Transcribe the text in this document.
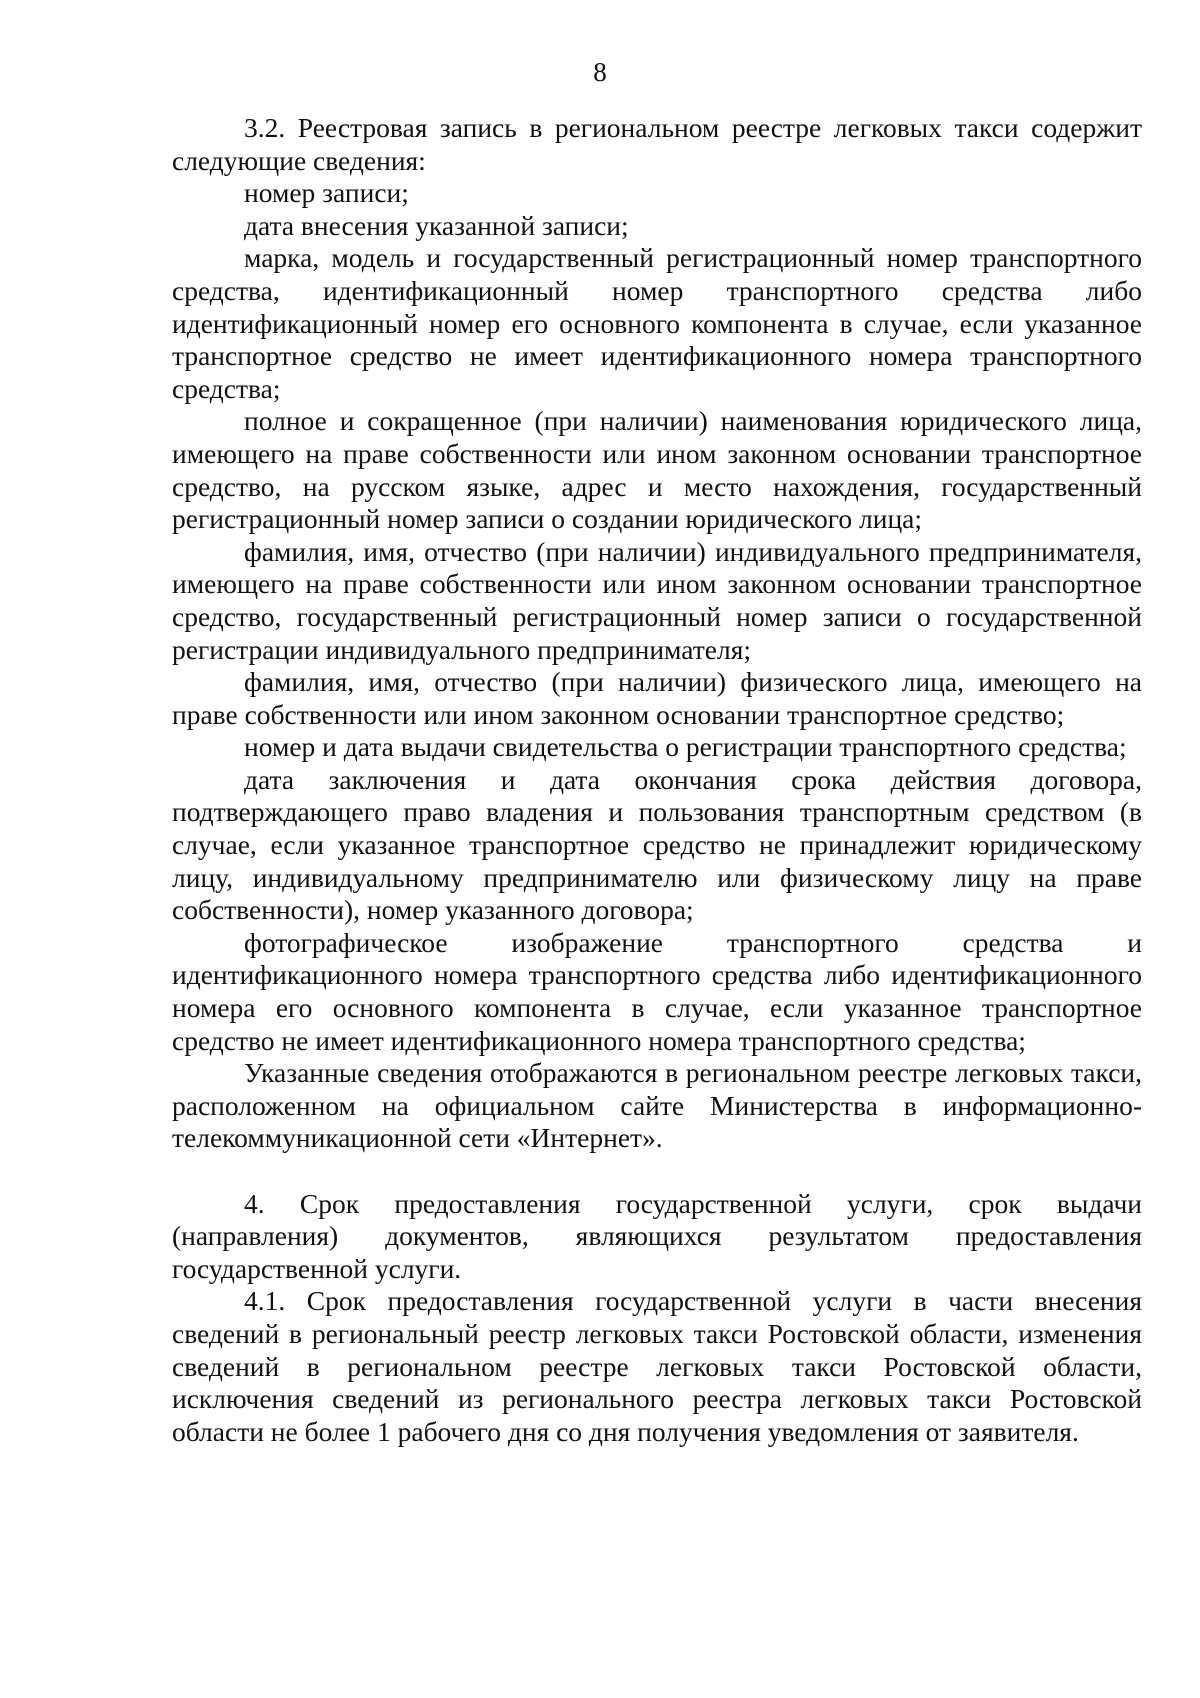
8

3.2. Реестровая запись в региональном реестре легковых такси содержит следующие сведения:

номер записи;

дата внесения указанной записи;

марка, модель и государственный регистрационный номер транспортного средства, идентификационный номер транспортного средства либо идентификационный номер его основного компонента в случае, если указанное транспортное средство не имеет идентификационного номера транспортного средства;

полное и сокращенное (при наличии) наименования юридического лица, имеющего на праве собственности или ином законном основании транспортное средство, на русском языке, адрес и место нахождения, государственный регистрационный номер записи о создании юридического лица;

фамилия, имя, отчество (при наличии) индивидуального предпринимателя, имеющего на праве собственности или ином законном основании транспортное средство, государственный регистрационный номер записи о государственной регистрации индивидуального предпринимателя;

фамилия, имя, отчество (при наличии) физического лица, имеющего на праве собственности или ином законном основании транспортное средство;

номер и дата выдачи свидетельства о регистрации транспортного средства;

дата заключения и дата окончания срока действия договора, подтверждающего право владения и пользования транспортным средством (в случае, если указанное транспортное средство не принадлежит юридическому лицу, индивидуальному предпринимателю или физическому лицу на праве собственности), номер указанного договора;

фотографическое изображение транспортного средства и идентификационного номера транспортного средства либо идентификационного номера его основного компонента в случае, если указанное транспортное средство не имеет идентификационного номера транспортного средства;

Указанные сведения отображаются в региональном реестре легковых такси, расположенном на официальном сайте Министерства в информационно-телекоммуникационной сети «Интернет».

4. Срок предоставления государственной услуги, срок выдачи (направления) документов, являющихся результатом предоставления государственной услуги.

4.1. Срок предоставления государственной услуги в части внесения сведений в региональный реестр легковых такси Ростовской области, изменения сведений в региональном реестре легковых такси Ростовской области, исключения сведений из регионального реестра легковых такси Ростовской области не более 1 рабочего дня со дня получения уведомления от заявителя.
